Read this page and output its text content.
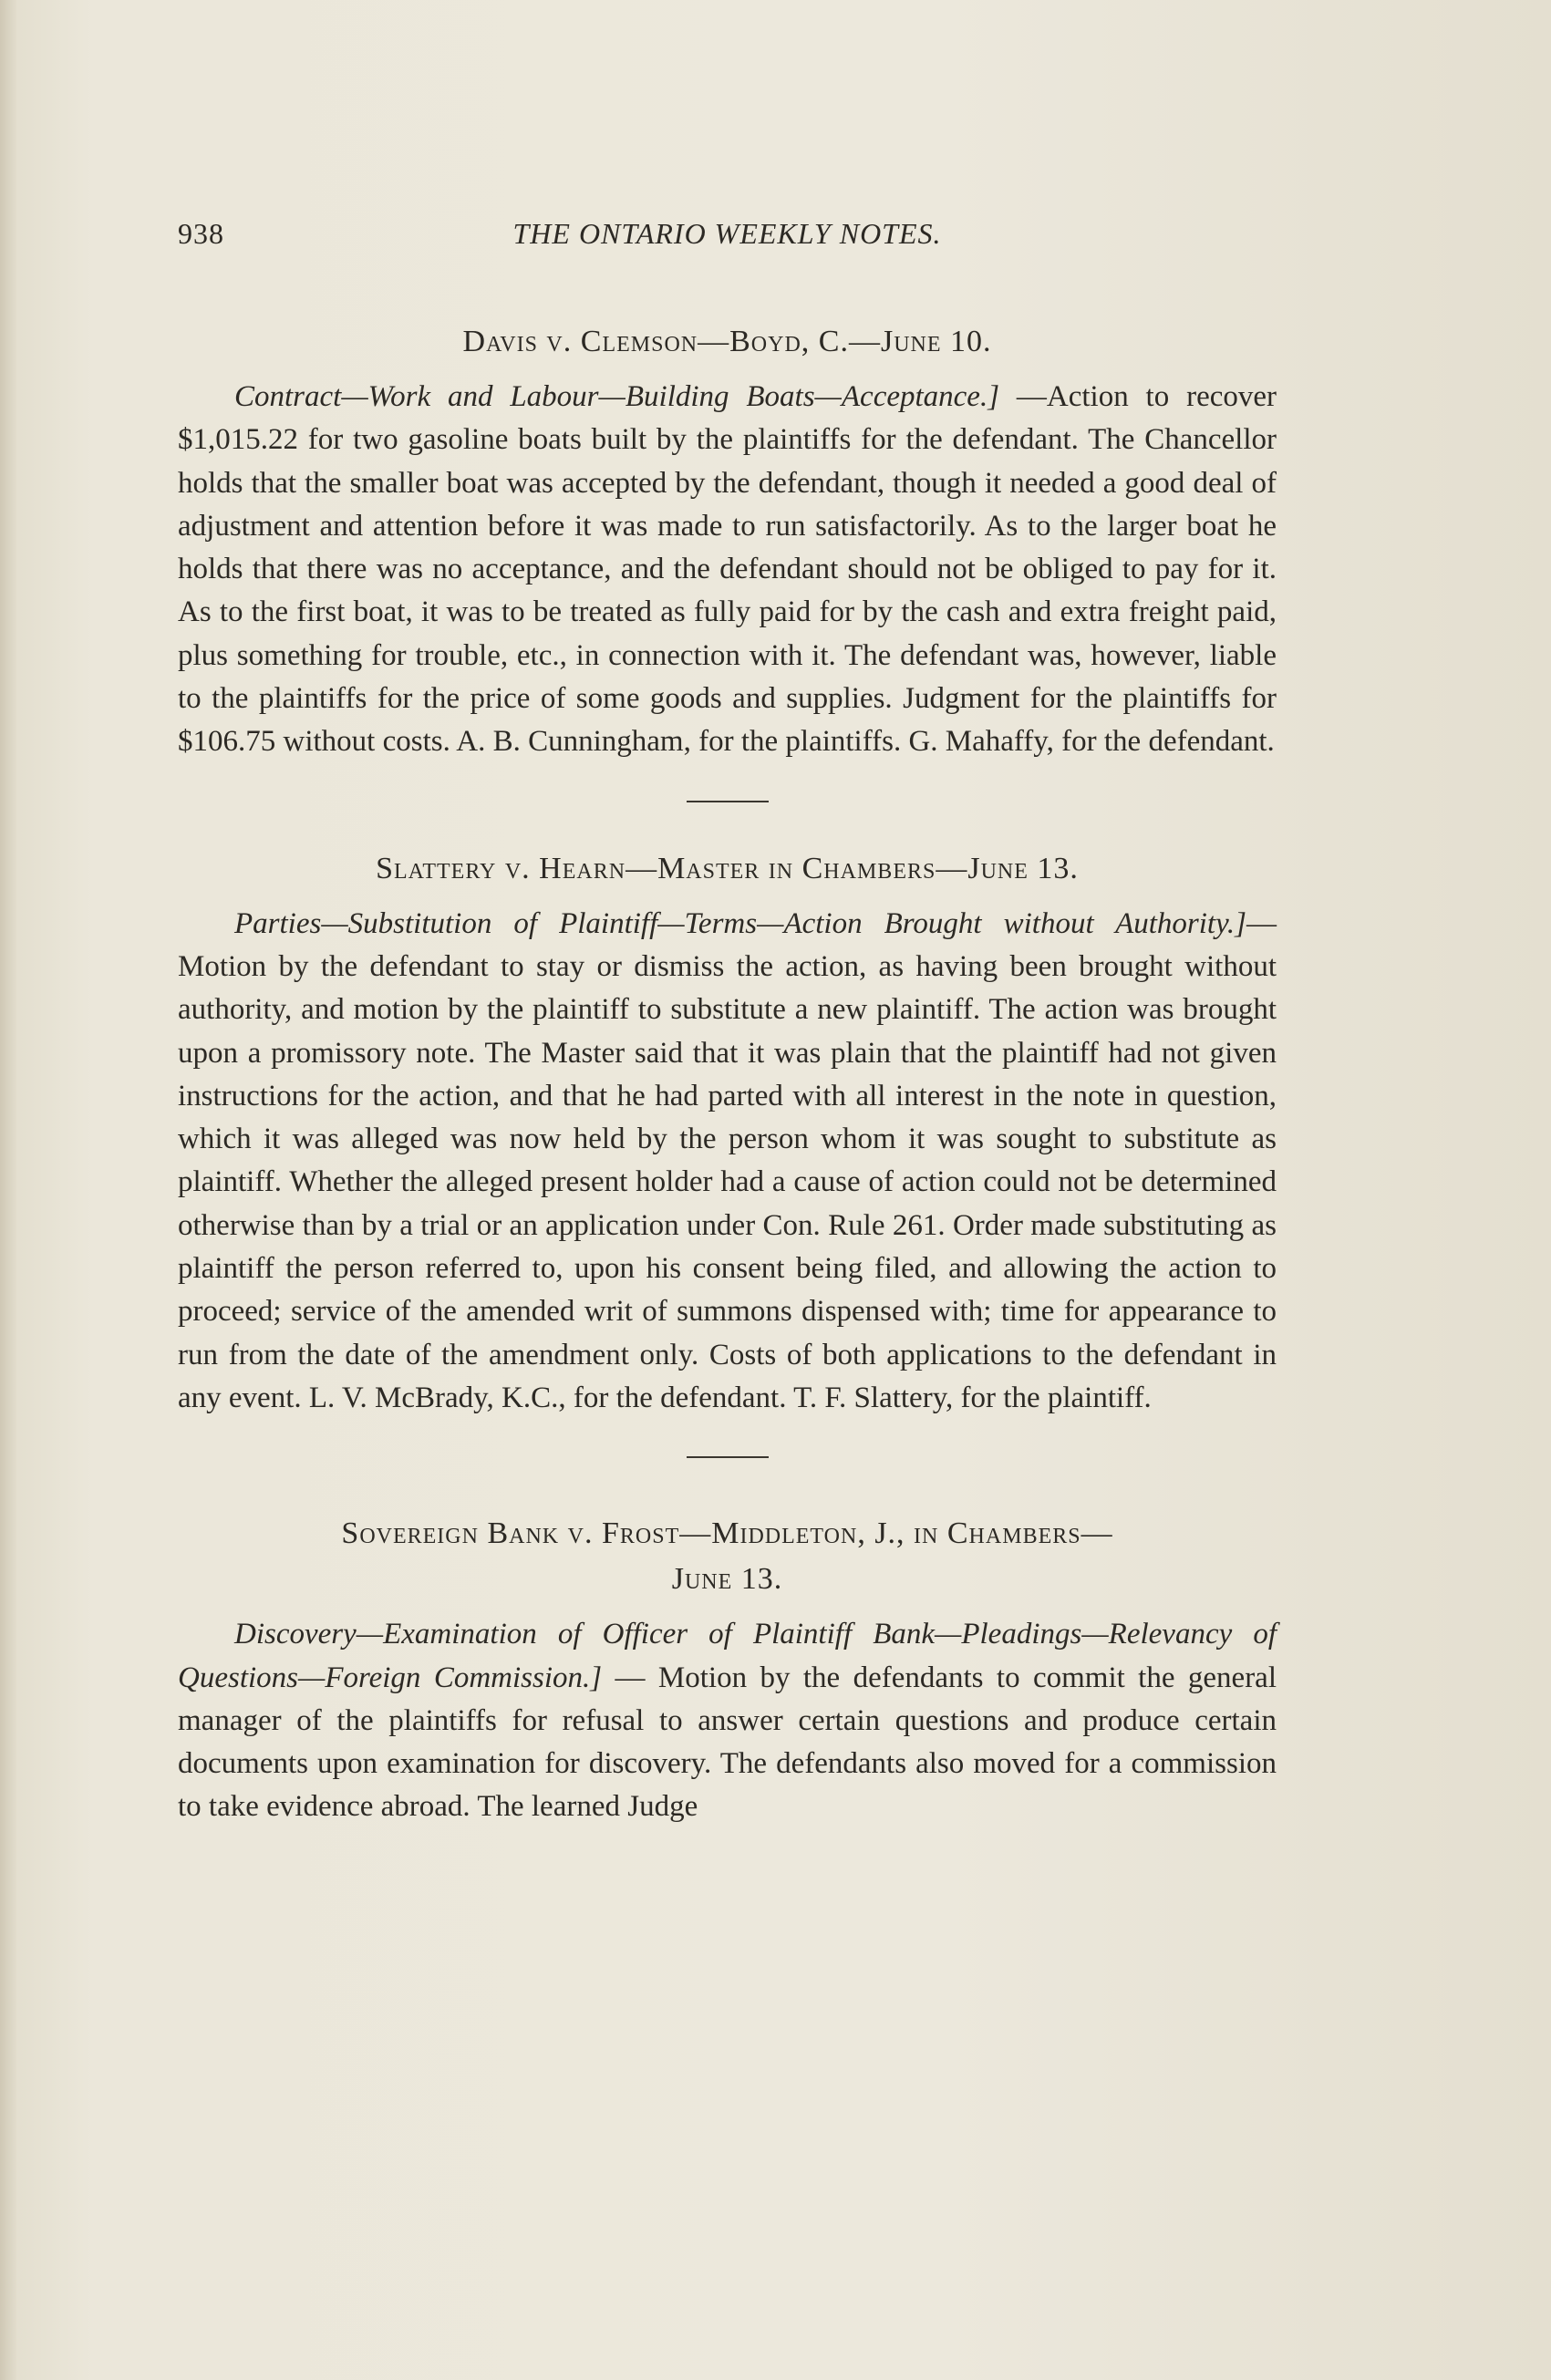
938	THE ONTARIO WEEKLY NOTES.
Davis v. Clemson—Boyd, C.—June 10.

Contract—Work and Labour—Building Boats—Acceptance.] —Action to recover $1,015.22 for two gasoline boats built by the plaintiffs for the defendant. The Chancellor holds that the smaller boat was accepted by the defendant, though it needed a good deal of adjustment and attention before it was made to run satisfactorily. As to the larger boat he holds that there was no acceptance, and the defendant should not be obliged to pay for it. As to the first boat, it was to be treated as fully paid for by the cash and extra freight paid, plus something for trouble, etc., in connection with it. The defendant was, however, liable to the plaintiffs for the price of some goods and supplies. Judgment for the plaintiffs for $106.75 without costs. A. B. Cunningham, for the plaintiffs. G. Mahaffy, for the defendant.

Slattery v. Hearn—Master in Chambers—June 13.

Parties—Substitution of Plaintiff—Terms—Action Brought without Authority.]—Motion by the defendant to stay or dismiss the action, as having been brought without authority, and motion by the plaintiff to substitute a new plaintiff. The action was brought upon a promissory note. The Master said that it was plain that the plaintiff had not given instructions for the action, and that he had parted with all interest in the note in question, which it was alleged was now held by the person whom it was sought to substitute as plaintiff. Whether the alleged present holder had a cause of action could not be determined otherwise than by a trial or an application under Con. Rule 261. Order made substituting as plaintiff the person referred to, upon his consent being filed, and allowing the action to proceed; service of the amended writ of summons dispensed with; time for appearance to run from the date of the amendment only. Costs of both applications to the defendant in any event. L. V. McBrady, K.C., for the defendant. T. F. Slattery, for the plaintiff.

Sovereign Bank v. Frost—Middleton, J., in Chambers—
June 13.

Discovery—Examination of Officer of Plaintiff Bank—Pleadings—Relevancy of Questions—Foreign Commission.] — Motion by the defendants to commit the general manager of the plaintiffs for refusal to answer certain questions and produce certain documents upon examination for discovery. The defendants also moved for a commission to take evidence abroad. The learned Judge
